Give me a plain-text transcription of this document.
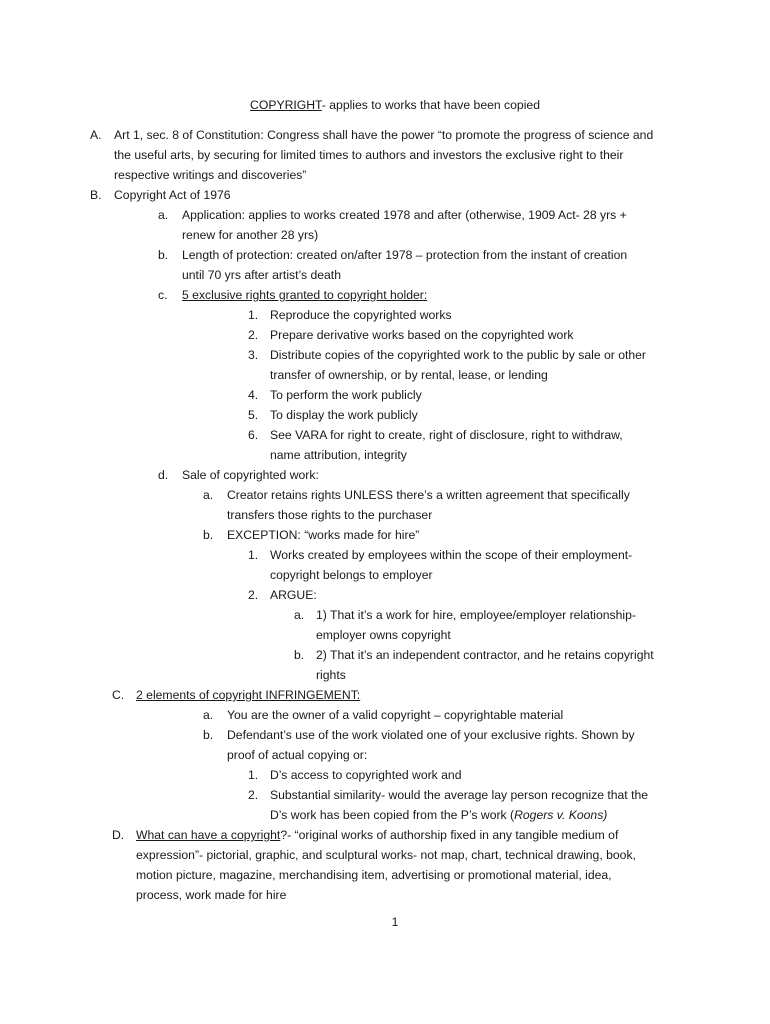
COPYRIGHT- applies to works that have been copied
A.	Art 1, sec. 8 of Constitution: Congress shall have the power “to promote the progress of science and
the useful arts, by securing for limited times to authors and investors the exclusive right to their
respective writings and discoveries”
B.	Copyright Act of 1976
a.	Application: applies to works created 1978 and after (otherwise, 1909 Act- 28 yrs +
renew for another 28 yrs)
b.	Length of protection: created on/after 1978 – protection from the instant of creation
until 70 yrs after artist’s death
c.	5 exclusive rights granted to copyright holder:
1. Reproduce the copyrighted works
2. Prepare derivative works based on the copyrighted work
3. Distribute copies of the copyrighted work to the public by sale or other
transfer of ownership, or by rental, lease, or lending
4. To perform the work publicly
5. To display the work publicly
6. See VARA for right to create, right of disclosure, right to withdraw,
name attribution, integrity
d.	Sale of copyrighted work:
a.	Creator retains rights UNLESS there’s a written agreement that specifically
transfers those rights to the purchaser
b.	EXCEPTION: “works made for hire”
1. Works created by employees within the scope of their employment-
copyright belongs to employer
2. ARGUE:
a. 1) That it’s a work for hire, employee/employer relationship-
employer owns copyright
b. 2) That it’s an independent contractor, and he retains copyright
rights
C. 2 elements of copyright INFRINGEMENT:
a.	You are the owner of a valid copyright – copyrightable material
b.	Defendant’s use of the work violated one of your exclusive rights. Shown by
proof of actual copying or:
1. D’s access to copyrighted work and
2. Substantial similarity- would the average lay person recognize that the
D’s work has been copied from the P’s work (Rogers v. Koons)
D. What can have a copyright?- “original works of authorship fixed in any tangible medium of
expression”- pictorial, graphic, and sculptural works- not map, chart, technical drawing, book,
motion picture, magazine, merchandising item, advertising or promotional material, idea,
process, work made for hire
1
